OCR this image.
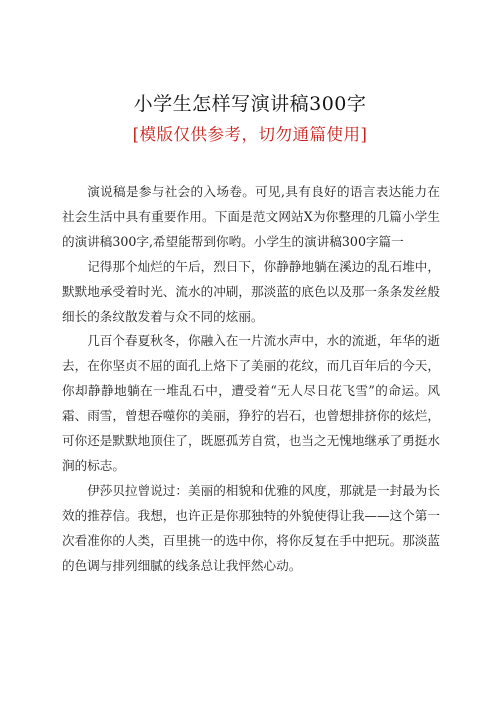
小学生怎样写演讲稿300字
[模版仅供参考，切勿通篇使用]

演说稿是参与社会的入场卷。可见,具有良好的语言表达能力在社会生活中具有重要作用。下面是范文网站X为你整理的几篇小学生的演讲稿300字,希望能帮到你哟。小学生的演讲稿300字篇一

记得那个灿烂的午后，烈日下，你静静地躺在溪边的乱石堆中，默默地承受着时光、流水的冲刷，那淡蓝的底色以及那一条条发丝般细长的条纹散发着与众不同的炫丽。

几百个春夏秋冬，你融入在一片流水声中，水的流逝，年华的逝去，在你坚贞不屈的面孔上烙下了美丽的花纹，而几百年后的今天，你却静静地躺在一堆乱石中，遭受着“无人尽日花飞雪”的命运。风霜、雨雪，曾想吞噬你的美丽，狰狞的岩石，也曾想排挤你的炫烂，可你还是默默地顶住了，既愿孤芳自赏，也当之无愧地继承了勇挺水涧的标志。

伊莎贝拉曾说过：美丽的相貌和优雅的风度，那就是一封最为长效的推荐信。我想，也许正是你那独特的外貌使得让我——这个第一次看准你的人类，百里挑一的选中你，将你反复在手中把玩。那淡蓝的色调与排列细腻的线条总让我怦然心动。
